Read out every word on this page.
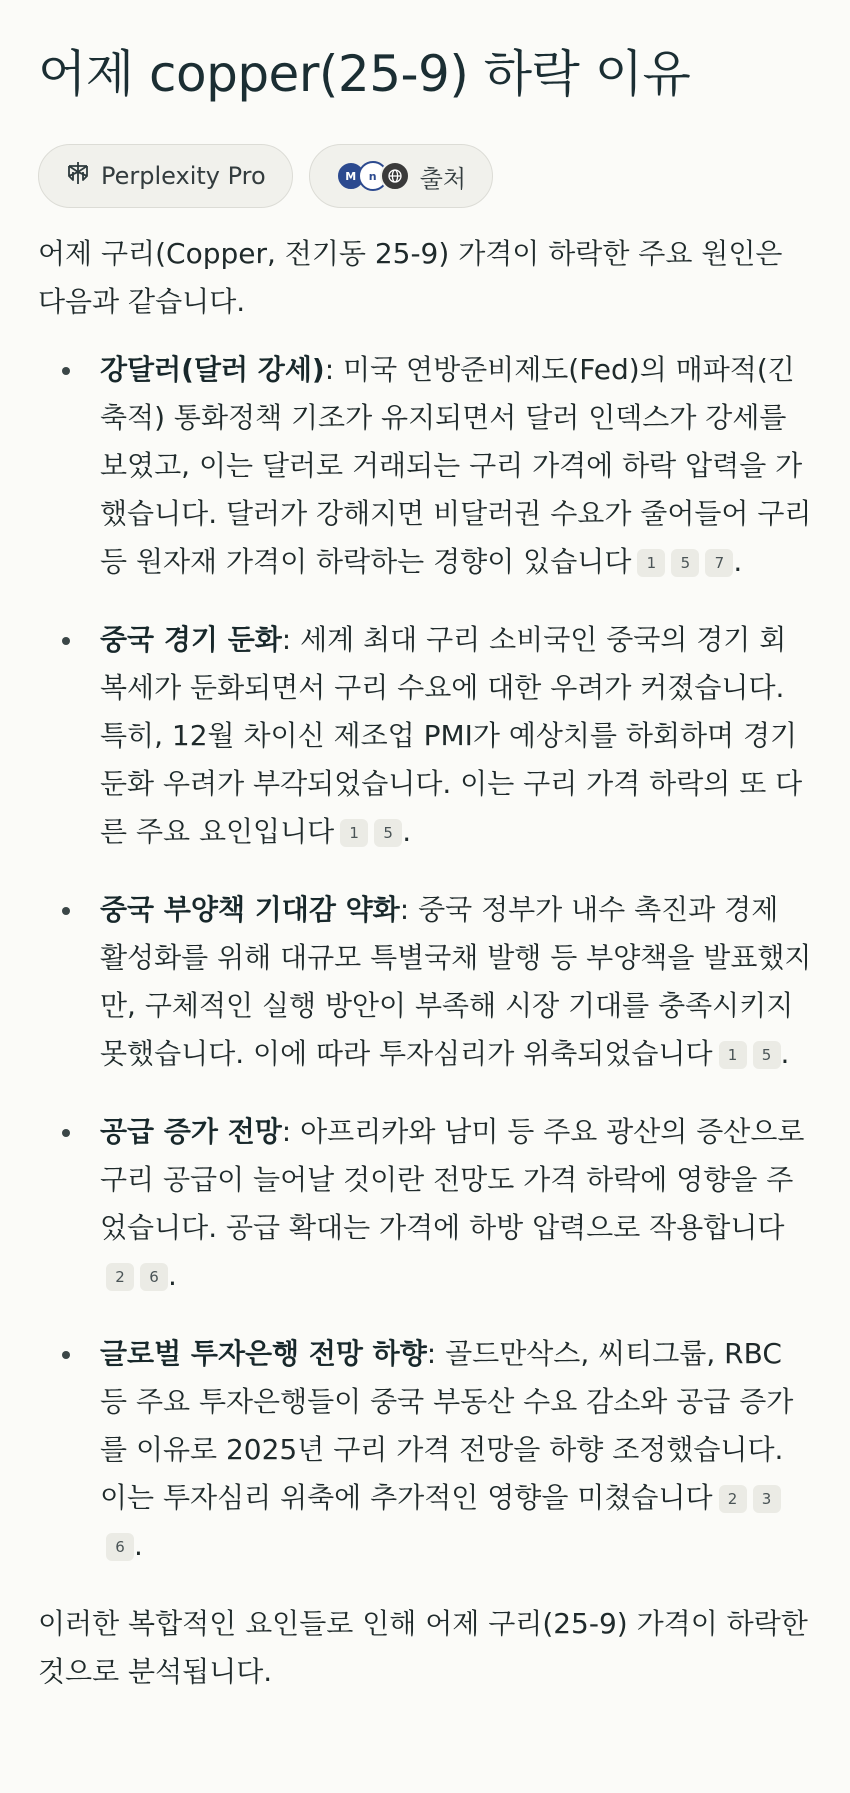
어제 copper(25-9) 하락 이유
Perplexity Pro	M	n	출처

어제 구리(Copper, 전기동 25-9) 가격이 하락한 주요 원인은 다음과 같습니다.

강달러(달러 강세): 미국 연방준비제도(Fed)의 매파적(긴축적) 통화정책 기조가 유지되면서 달러 인덱스가 강세를 보였고, 이는 달러로 거래되는 구리 가격에 하락 압력을 가했습니다. 달러가 강해지면 비달러권 수요가 줄어들어 구리 등 원자재 가격이 하락하는 경향이 있습니다 1 5 7 .
중국 경기 둔화: 세계 최대 구리 소비국인 중국의 경기 회복세가 둔화되면서 구리 수요에 대한 우려가 커졌습니다. 특히, 12월 차이신 제조업 PMI가 예상치를 하회하며 경기 둔화 우려가 부각되었습니다. 이는 구리 가격 하락의 또 다른 주요 요인입니다 1 5 .
중국 부양책 기대감 약화: 중국 정부가 내수 촉진과 경제 활성화를 위해 대규모 특별국채 발행 등 부양책을 발표했지만, 구체적인 실행 방안이 부족해 시장 기대를 충족시키지 못했습니다. 이에 따라 투자심리가 위축되었습니다 1 5 .
공급 증가 전망: 아프리카와 남미 등 주요 광산의 증산으로 구리 공급이 늘어날 것이란 전망도 가격 하락에 영향을 주었습니다. 공급 확대는 가격에 하방 압력으로 작용합니다2 6 .
글로벌 투자은행 전망 하향: 골드만삭스, 씨티그룹, RBC 등 주요 투자은행들이 중국 부동산 수요 감소와 공급 증가를 이유로 2025년 구리 가격 전망을 하향 조정했습니다. 이는 투자심리 위축에 추가적인 영향을 미쳤습니다 2 36 .

이러한 복합적인 요인들로 인해 어제 구리(25-9) 가격이 하락한 것으로 분석됩니다.
